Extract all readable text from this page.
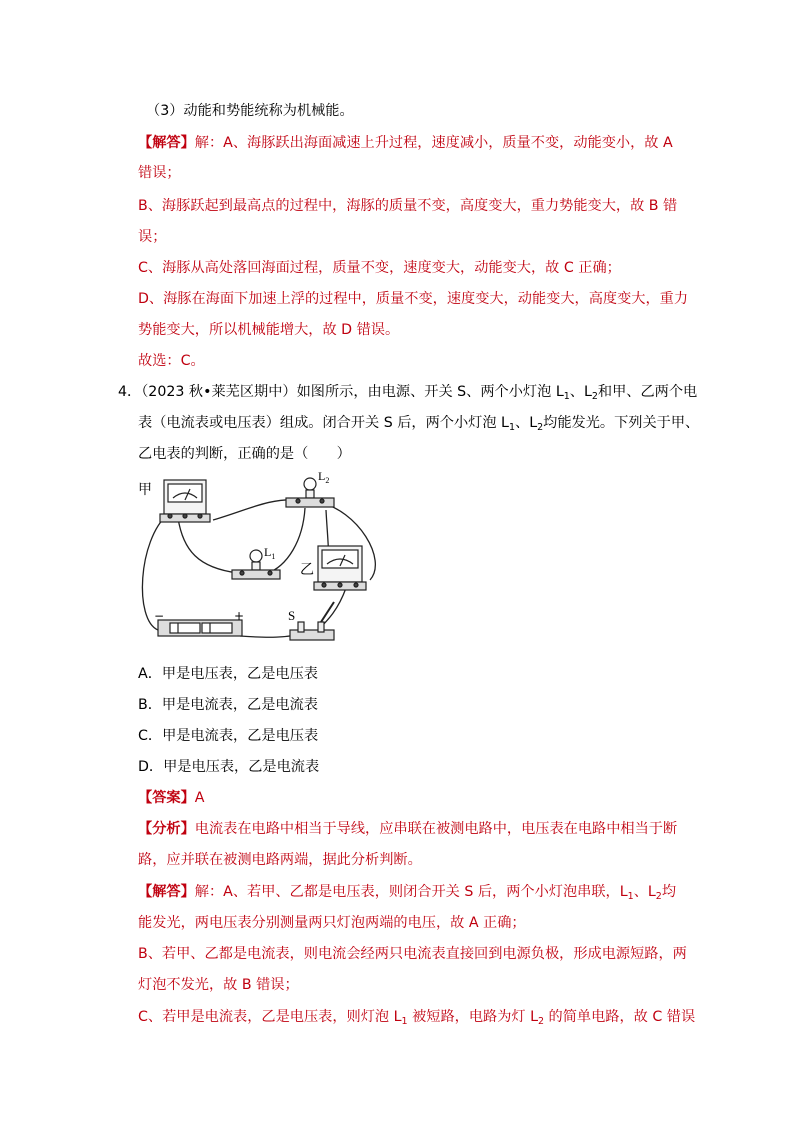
（3）动能和势能统称为机械能。
【解答】解：A、海豚跃出海面减速上升过程，速度减小，质量不变，动能变小，故 A
错误；
B、海豚跃起到最高点的过程中，海豚的质量不变，高度变大，重力势能变大，故 B 错
误；
C、海豚从高处落回海面过程，质量不变，速度变大，动能变大，故 C 正确；
D、海豚在海面下加速上浮的过程中，质量不变，速度变大，动能变大，高度变大，重力
势能变大，所以机械能增大，故 D 错误。
故选：C。
4．（2023 秋•莱芜区期中）如图所示，由电源、开关 S、两个小灯泡 $L_1$、$L_2$和甲、乙两个电
表（电流表或电压表）组成。闭合开关 S 后，两个小灯泡 $L_1$、$L_2$均能发光。下列关于甲、
乙电表的判断，正确的是（　　）
甲
$L_2$
$L_1$
乙
−	+	S
A．甲是电压表，乙是电压表
B．甲是电流表，乙是电流表
C．甲是电流表，乙是电压表
D．甲是电压表，乙是电流表
【答案】A
【分析】电流表在电路中相当于导线，应串联在被测电路中，电压表在电路中相当于断
路，应并联在被测电路两端，据此分析判断。
【解答】解：A、若甲、乙都是电压表，则闭合开关 S 后，两个小灯泡串联，$L_1$、$L_2$均
能发光，两电压表分别测量两只灯泡两端的电压，故 A 正确；
B、若甲、乙都是电流表，则电流会经两只电流表直接回到电源负极，形成电源短路，两
灯泡不发光，故 B 错误；
C、若甲是电流表，乙是电压表，则灯泡 $L_1$ 被短路，电路为灯 $L_2$ 的简单电路，故 C 错误
